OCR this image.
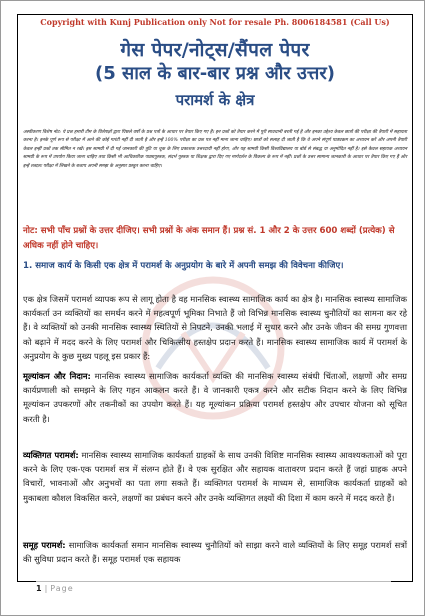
Copyright with Kunj Publication only Not for resale Ph. 8006184581 (Call Us)
गेस पेपर/नोट्स/सैंपल पेपर
(5 साल के बार-बार प्रश्न और उत्तर)
परामर्श के क्षेत्र

अस्वीकरण विशेष नोट: ये प्रश्न हमारी टीम के विशेषज्ञों द्वारा पिछले वर्षों के प्रश्न पत्रों के आधार पर तैयार किए गए हैं। इन प्रश्नों को तैयार करने में पूरी सावधानी बरती गई है और इनका उद्देश्य केवल छात्रों की परीक्षा की तैयारी में सहायता करना है। इनके पूर्ण रूप से परीक्षा में आने की कोई गारंटी नहीं दी जाती है और इन्हें 100% परीक्षा का प्रश्न पत्र नहीं माना जाना चाहिए। छात्रों को सलाह दी जाती है कि वे अपने संपूर्ण पाठ्यक्रम का अध्ययन करें और अपनी तैयारी केवल इन्हीं प्रश्नों तक सीमित न रखें। इस सामग्री में दी गई जानकारी की त्रुटि या चूक के लिए प्रकाशक उत्तरदायी नहीं होगा, और यह सामग्री किसी विश्वविद्यालय या बोर्ड से संबद्ध या अनुमोदित नहीं है। इसे केवल सहायक अध्ययन सामग्री के रूप में उपयोग किया जाना चाहिए तथा किसी भी आधिकारिक पाठ्यपुस्तक, संदर्भ पुस्तक या शिक्षक द्वारा दिए गए मार्गदर्शन के विकल्प के रूप में नहीं। प्रश्नों के उत्तर सामान्य जानकारी के आधार पर तैयार किए गए हैं और इन्हें शब्दशः परीक्षा में लिखने के बजाय अपनी समझ के अनुसार प्रस्तुत करना चाहिए।

नोट: सभी पाँच प्रश्नों के उत्तर दीजिए। सभी प्रश्नों के अंक समान हैं। प्रश्न सं. 1 और 2 के उत्तर 600 शब्दों (प्रत्येक) से अधिक नहीं होने चाहिए।
1. समाज कार्य के किसी एक क्षेत्र में परामर्श के अनुप्रयोग के बारे में अपनी समझ की विवेचना कीजिए।

एक क्षेत्र जिसमें परामर्श व्यापक रूप से लागू होता है वह मानसिक स्वास्थ्य सामाजिक कार्य का क्षेत्र है। मानसिक स्वास्थ्य सामाजिक कार्यकर्ता उन व्यक्तियों का समर्थन करने में महत्वपूर्ण भूमिका निभाते हैं जो विभिन्न मानसिक स्वास्थ्य चुनौतियों का सामना कर रहे हैं। वे व्यक्तियों को उनकी मानसिक स्वास्थ्य स्थितियों से निपटने, उनकी भलाई में सुधार करने और उनके जीवन की समग्र गुणवत्ता को बढ़ाने में मदद करने के लिए परामर्श और चिकित्सीय हस्तक्षेप प्रदान करते हैं। मानसिक स्वास्थ्य सामाजिक कार्य में परामर्श के अनुप्रयोग के कुछ मुख्य पहलू इस प्रकार हैं:

मूल्यांकन और निदान: मानसिक स्वास्थ्य सामाजिक कार्यकर्ता व्यक्ति की मानसिक स्वास्थ्य संबंधी चिंताओं, लक्षणों और समग्र कार्यप्रणाली को समझने के लिए गहन आकलन करते हैं। वे जानकारी एकत्र करने और सटीक निदान करने के लिए विभिन्न मूल्यांकन उपकरणों और तकनीकों का उपयोग करते हैं। यह मूल्यांकन प्रक्रिया परामर्श हस्तक्षेप और उपचार योजना को सूचित करती है।

व्यक्तिगत परामर्श: मानसिक स्वास्थ्य सामाजिक कार्यकर्ता ग्राहकों के साथ उनकी विशिष्ट मानसिक स्वास्थ्य आवश्यकताओं को पूरा करने के लिए एक-एक परामर्श सत्र में संलग्न होते हैं। वे एक सुरक्षित और सहायक वातावरण प्रदान करते हैं जहां ग्राहक अपने विचारों, भावनाओं और अनुभवों का पता लगा सकते हैं। व्यक्तिगत परामर्श के माध्यम से, सामाजिक कार्यकर्ता ग्राहकों को मुकाबला कौशल विकसित करने, लक्षणों का प्रबंधन करने और उनके व्यक्तिगत लक्ष्यों की दिशा में काम करने में मदद करते हैं।

समूह परामर्श: सामाजिक कार्यकर्ता समान मानसिक स्वास्थ्य चुनौतियों को साझा करने वाले व्यक्तियों के लिए समूह परामर्श सत्रों की सुविधा प्रदान करते हैं। समूह परामर्श एक सहायक

1 | Page
